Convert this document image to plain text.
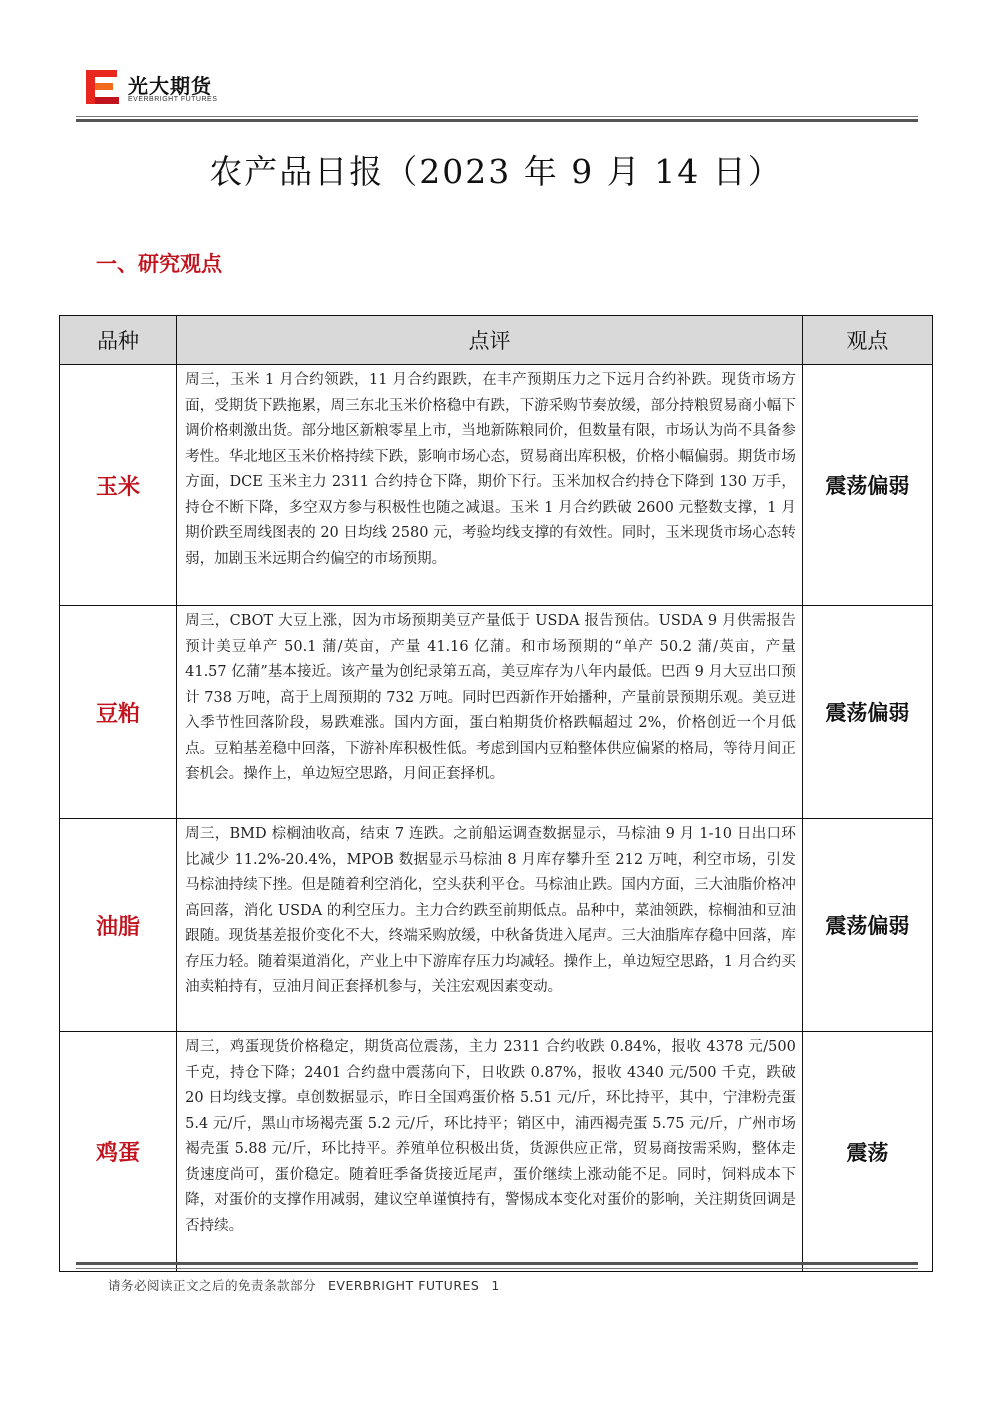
光大期货
EVERBRIGHT FUTURES
农产品日报（2023 年 9 月 14 日）
一、研究观点
品种	点评	观点
玉米	周三，玉米 1 月合约领跌，11 月合约跟跌，在丰产预期压力之下远月合约补跌。现货市场方面，受期货下跌拖累，周三东北玉米价格稳中有跌，下游采购节奏放缓，部分持粮贸易商小幅下调价格刺激出货。部分地区新粮零星上市，当地新陈粮同价，但数量有限，市场认为尚不具备参考性。华北地区玉米价格持续下跌，影响市场心态，贸易商出库积极，价格小幅偏弱。期货市场方面，DCE 玉米主力 2311 合约持仓下降，期价下行。玉米加权合约持仓下降到 130 万手，持仓不断下降，多空双方参与积极性也随之减退。玉米 1 月合约跌破 2600 元整数支撑，1 月期价跌至周线图表的 20 日均线 2580 元，考验均线支撑的有效性。同时，玉米现货市场心态转弱，加剧玉米远期合约偏空的市场预期。	震荡偏弱
豆粕	周三，CBOT 大豆上涨，因为市场预期美豆产量低于 USDA 报告预估。USDA 9 月供需报告预计美豆单产 50.1 蒲/英亩，产量 41.16 亿蒲。和市场预期的“单产 50.2 蒲/英亩，产量 41.57 亿蒲”基本接近。该产量为创纪录第五高，美豆库存为八年内最低。巴西 9 月大豆出口预计 738 万吨，高于上周预期的 732 万吨。同时巴西新作开始播种，产量前景预期乐观。美豆进入季节性回落阶段，易跌难涨。国内方面，蛋白粕期货价格跌幅超过 2%，价格创近一个月低点。豆粕基差稳中回落，下游补库积极性低。考虑到国内豆粕整体供应偏紧的格局，等待月间正套机会。操作上，单边短空思路，月间正套择机。	震荡偏弱
油脂	周三，BMD 棕榈油收高，结束 7 连跌。之前船运调查数据显示，马棕油 9 月 1-10 日出口环比减少 11.2%-20.4%，MPOB 数据显示马棕油 8 月库存攀升至 212 万吨，利空市场，引发马棕油持续下挫。但是随着利空消化，空头获利平仓。马棕油止跌。国内方面，三大油脂价格冲高回落，消化 USDA 的利空压力。主力合约跌至前期低点。品种中，菜油领跌，棕榈油和豆油跟随。现货基差报价变化不大，终端采购放缓，中秋备货进入尾声。三大油脂库存稳中回落，库存压力轻。随着渠道消化，产业上中下游库存压力均减轻。操作上，单边短空思路，1 月合约买油卖粕持有，豆油月间正套择机参与，关注宏观因素变动。	震荡偏弱
鸡蛋	周三，鸡蛋现货价格稳定，期货高位震荡，主力 2311 合约收跌 0.84%，报收 4378 元/500 千克，持仓下降；2401 合约盘中震荡向下，日收跌 0.87%，报收 4340 元/500 千克，跌破 20 日均线支撑。卓创数据显示，昨日全国鸡蛋价格 5.51 元/斤，环比持平，其中，宁津粉壳蛋 5.4 元/斤，黑山市场褐壳蛋 5.2 元/斤，环比持平；销区中，浦西褐壳蛋 5.75 元/斤，广州市场褐壳蛋 5.88 元/斤，环比持平。养殖单位积极出货，货源供应正常，贸易商按需采购，整体走货速度尚可，蛋价稳定。随着旺季备货接近尾声，蛋价继续上涨动能不足。同时，饲料成本下降，对蛋价的支撑作用减弱，建议空单谨慎持有，警惕成本变化对蛋价的影响，关注期货回调是否持续。	震荡
请务必阅读正文之后的免责条款部分 EVERBRIGHT FUTURES 1
